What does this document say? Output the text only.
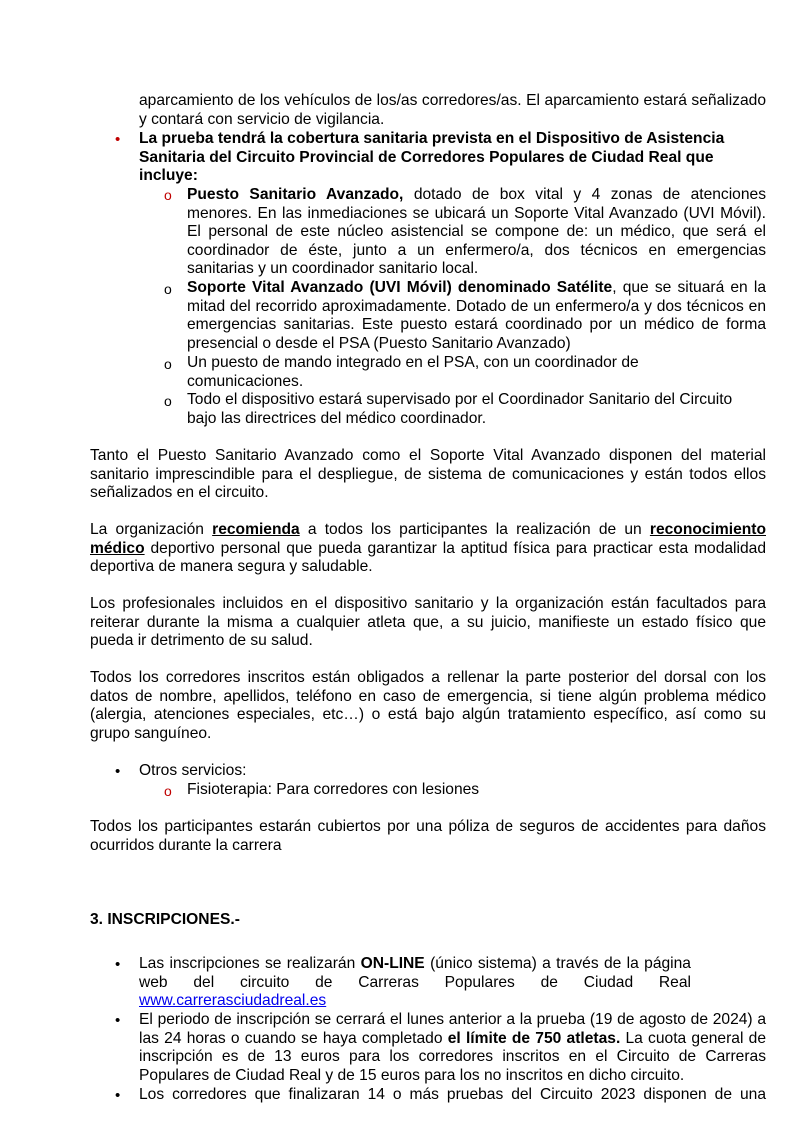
aparcamiento de los vehículos de los/as corredores/as. El aparcamiento estará señalizado y contará con servicio de vigilancia.
• La prueba tendrá la cobertura sanitaria prevista en el Dispositivo de Asistencia Sanitaria del Circuito Provincial de Corredores Populares de Ciudad Real que incluye:
o Puesto Sanitario Avanzado, dotado de box vital y 4 zonas de atenciones menores. En las inmediaciones se ubicará un Soporte Vital Avanzado (UVI Móvil). El personal de este núcleo asistencial se compone de: un médico, que será el coordinador de éste, junto a un enfermero/a, dos técnicos en emergencias sanitarias y un coordinador sanitario local.
o Soporte Vital Avanzado (UVI Móvil) denominado Satélite, que se situará en la mitad del recorrido aproximadamente. Dotado de un enfermero/a y dos técnicos en emergencias sanitarias. Este puesto estará coordinado por un médico de forma presencial o desde el PSA (Puesto Sanitario Avanzado)
o Un puesto de mando integrado en el PSA, con un coordinador de comunicaciones.
o Todo el dispositivo estará supervisado por el Coordinador Sanitario del Circuito bajo las directrices del médico coordinador.
Tanto el Puesto Sanitario Avanzado como el Soporte Vital Avanzado disponen del material sanitario imprescindible para el despliegue, de sistema de comunicaciones y están todos ellos señalizados en el circuito.
La organización recomienda a todos los participantes la realización de un reconocimiento médico deportivo personal que pueda garantizar la aptitud física para practicar esta modalidad deportiva de manera segura y saludable.
Los profesionales incluidos en el dispositivo sanitario y la organización están facultados para reiterar durante la misma a cualquier atleta que, a su juicio, manifieste un estado físico que pueda ir detrimento de su salud.
Todos los corredores inscritos están obligados a rellenar la parte posterior del dorsal con los datos de nombre, apellidos, teléfono en caso de emergencia, si tiene algún problema médico (alergia, atenciones especiales, etc…) o está bajo algún tratamiento específico, así como su grupo sanguíneo.
• Otros servicios:
o Fisioterapia: Para corredores con lesiones
Todos los participantes estarán cubiertos por una póliza de seguros de accidentes para daños ocurridos durante la carrera
3. INSCRIPCIONES.-
• Las inscripciones se realizarán ON-LINE (único sistema) a través de la página web del circuito de Carreras Populares de Ciudad Real www.carrerasciudadreal.es
• El periodo de inscripción se cerrará el lunes anterior a la prueba (19 de agosto de 2024) a las 24 horas o cuando se haya completado el límite de 750 atletas. La cuota general de inscripción es de 13 euros para los corredores inscritos en el Circuito de Carreras Populares de Ciudad Real y de 15 euros para los no inscritos en dicho circuito.
• Los corredores que finalizaran 14 o más pruebas del Circuito 2023 disponen de una
